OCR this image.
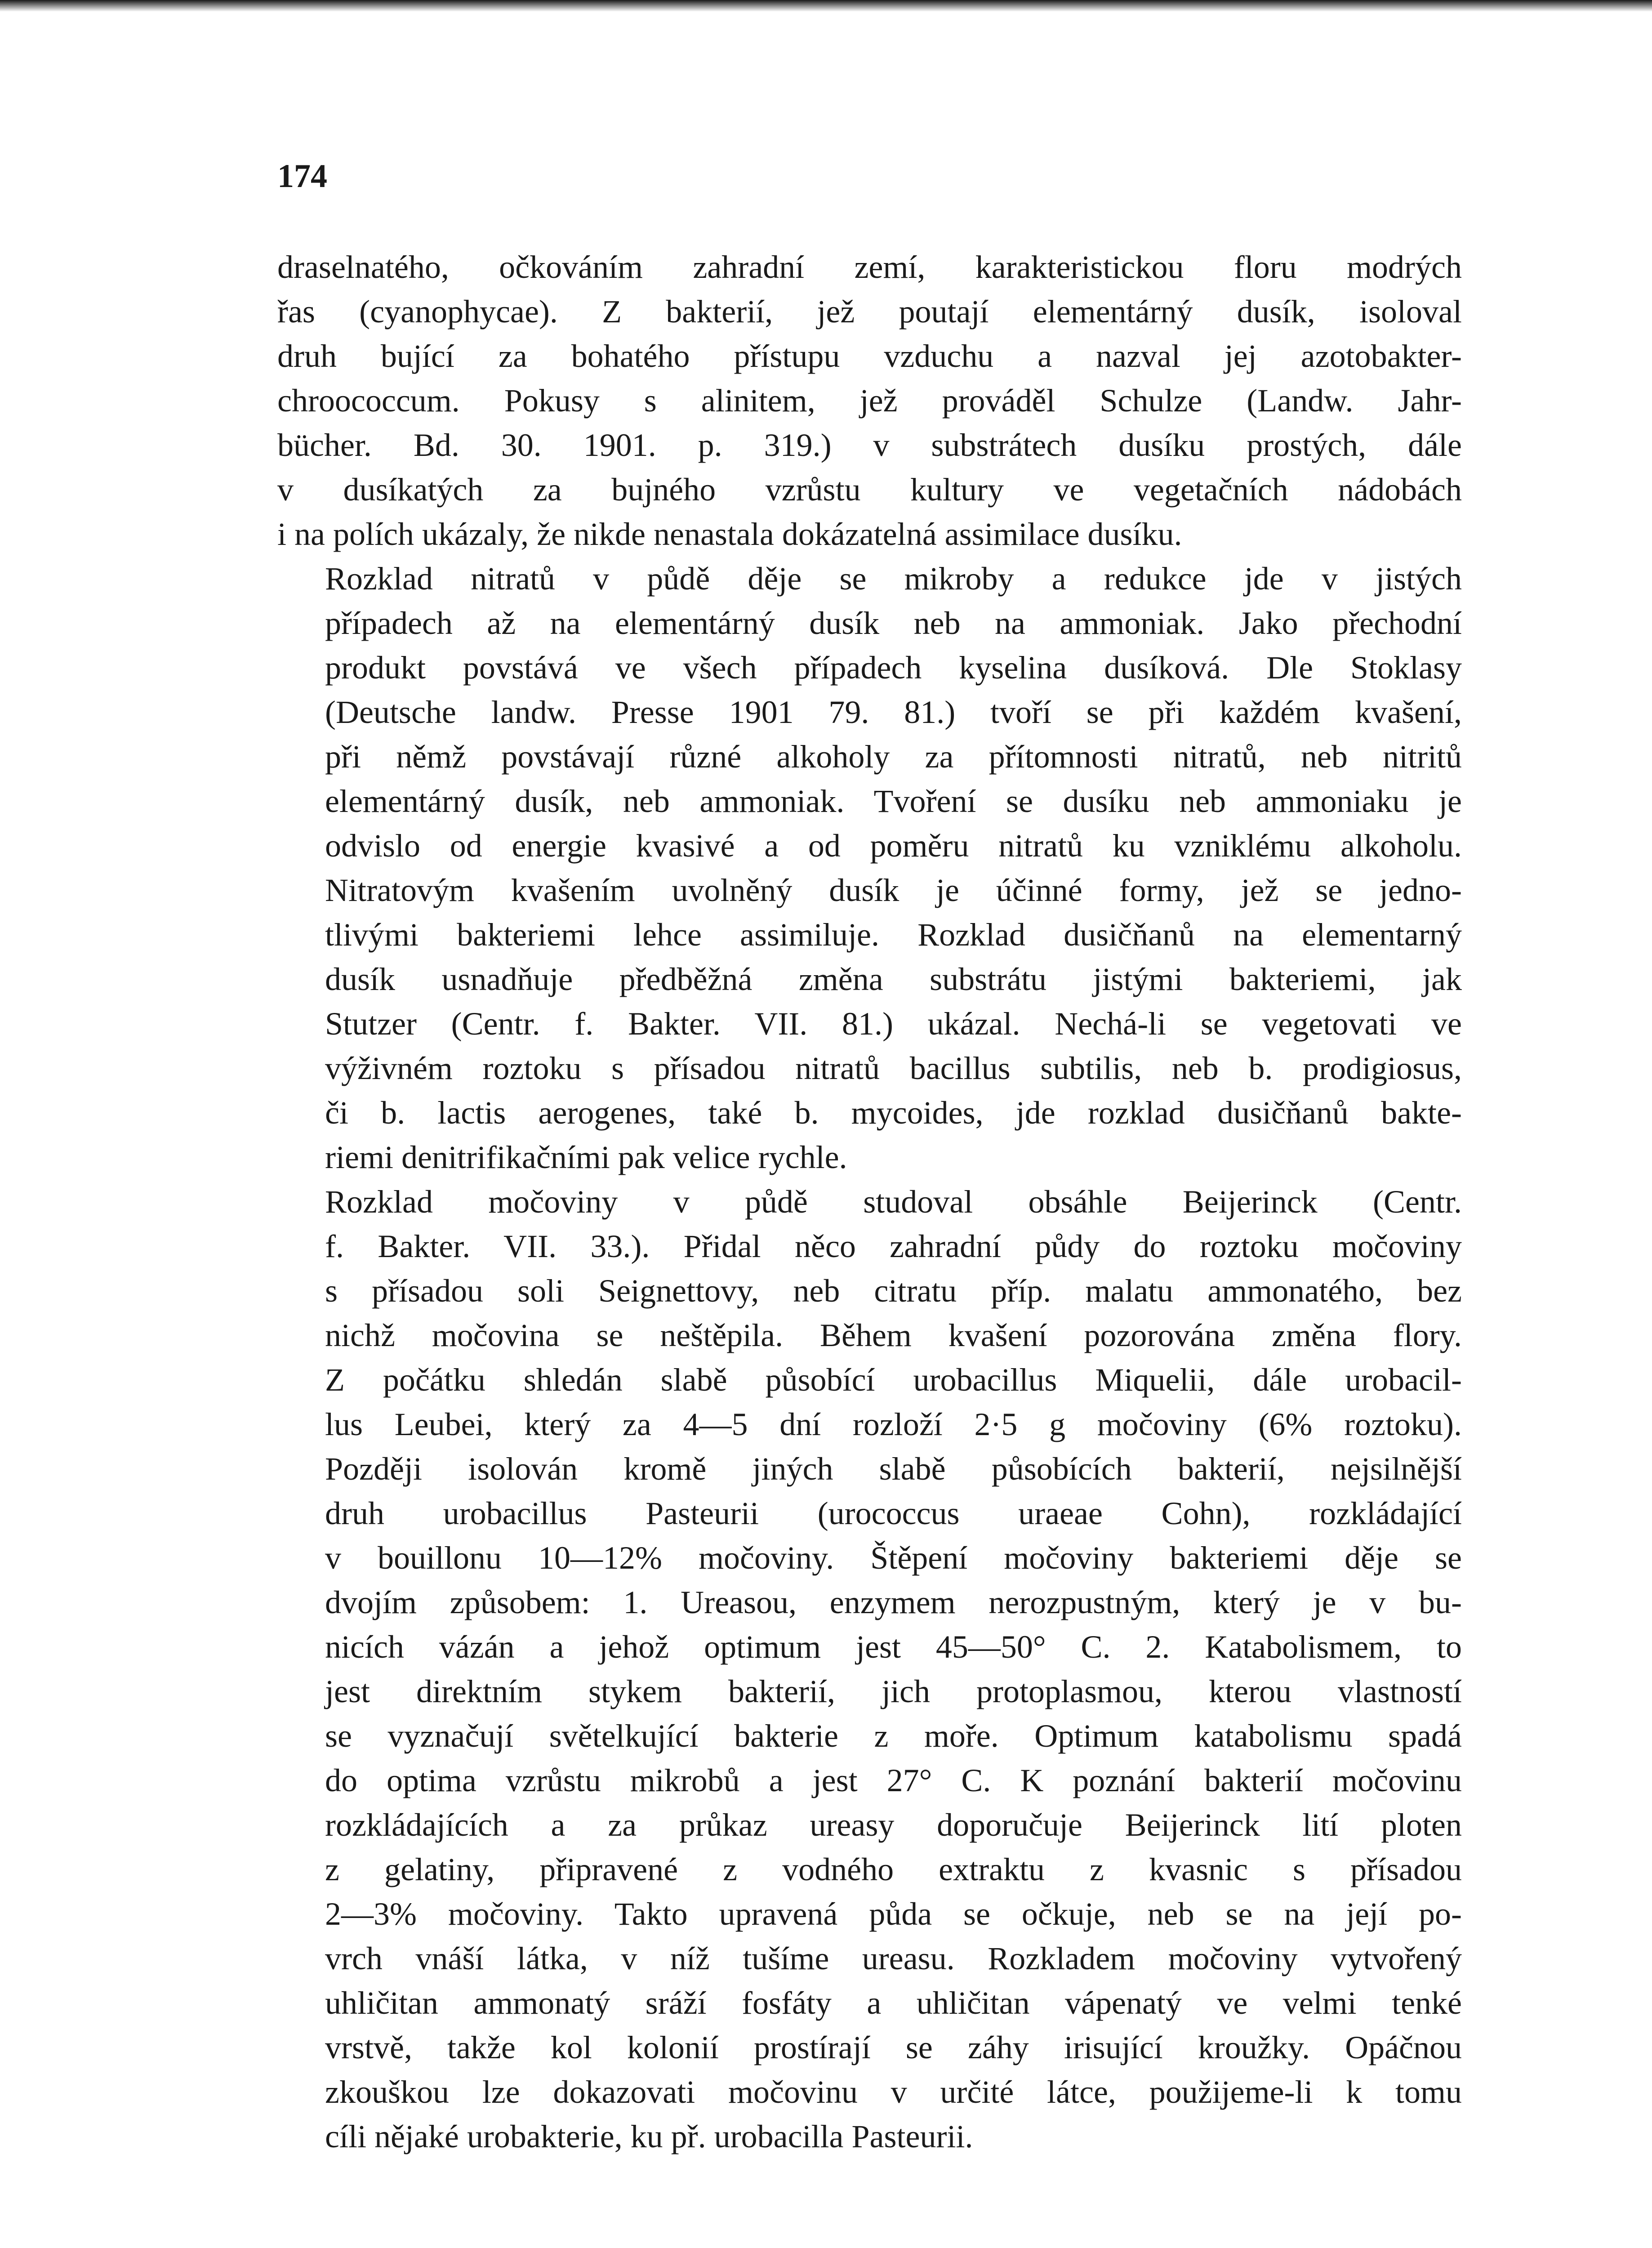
174
draselnatého, očkováním zahradní zemí, karakteristickou floru modrých
řas (cyanophycae). Z bakterií, jež poutají elementárný dusík, isoloval
druh bující za bohatého přístupu vzduchu a nazval jej azotobakter-
chroococcum. Pokusy s alinitem, jež prováděl Schulze (Landw. Jahr-
bücher. Bd. 30. 1901. p. 319.) v substrátech dusíku prostých, dále
v dusíkatých za bujného vzrůstu kultury ve vegetačních nádobách
i na polích ukázaly, že nikde nenastala dokázatelná assimilace dusíku.
Rozklad nitratů v půdě děje se mikroby a redukce jde v jistých
případech až na elementárný dusík neb na ammoniak. Jako přechodní
produkt povstává ve všech případech kyselina dusíková. Dle Stoklasy
(Deutsche landw. Presse 1901 79. 81.) tvoří se při každém kvašení,
při němž povstávají různé alkoholy za přítomnosti nitratů, neb nitritů
elementárný dusík, neb ammoniak. Tvoření se dusíku neb ammoniaku je
odvislo od energie kvasivé a od poměru nitratů ku vzniklému alkoholu.
Nitratovým kvašením uvolněný dusík je účinné formy, jež se jedno-
tlivými bakteriemi lehce assimiluje. Rozklad dusičňanů na elementarný
dusík usnadňuje předběžná změna substrátu jistými bakteriemi, jak
Stutzer (Centr. f. Bakter. VII. 81.) ukázal. Nechá-li se vegetovati ve
výživném roztoku s přísadou nitratů bacillus subtilis, neb b. prodigiosus,
či b. lactis aerogenes, také b. mycoides, jde rozklad dusičňanů bakte-
riemi denitrifikačními pak velice rychle.
Rozklad močoviny v půdě studoval obsáhle Beijerinck (Centr.
f. Bakter. VII. 33.). Přidal něco zahradní půdy do roztoku močoviny
s přísadou soli Seignettovy, neb citratu příp. malatu ammonatého, bez
nichž močovina se neštěpila. Během kvašení pozorována změna flory.
Z počátku shledán slabě působící urobacillus Miquelii, dále urobacil-
lus Leubei, který za 4—5 dní rozloží 2·5 g močoviny (6% roztoku).
Později isolován kromě jiných slabě působících bakterií, nejsilnější
druh urobacillus Pasteurii (urococcus uraeae Cohn), rozkládající
v bouillonu 10—12% močoviny. Štěpení močoviny bakteriemi děje se
dvojím způsobem: 1. Ureasou, enzymem nerozpustným, který je v bu-
nicích vázán a jehož optimum jest 45—50° C. 2. Katabolismem, to
jest direktním stykem bakterií, jich protoplasmou, kterou vlastností
se vyznačují světelkující bakterie z moře. Optimum katabolismu spadá
do optima vzrůstu mikrobů a jest 27° C. K poznání bakterií močovinu
rozkládajících a za průkaz ureasy doporučuje Beijerinck lití ploten
z gelatiny, připravené z vodného extraktu z kvasnic s přísadou
2—3% močoviny. Takto upravená půda se očkuje, neb se na její po-
vrch vnáší látka, v níž tušíme ureasu. Rozkladem močoviny vytvořený
uhličitan ammonatý sráží fosfáty a uhličitan vápenatý ve velmi tenké
vrstvě, takže kol kolonií prostírají se záhy irisující kroužky. Opáčnou
zkouškou lze dokazovati močovinu v určité látce, použijeme-li k tomu
cíli nějaké urobakterie, ku př. urobacilla Pasteurii.
